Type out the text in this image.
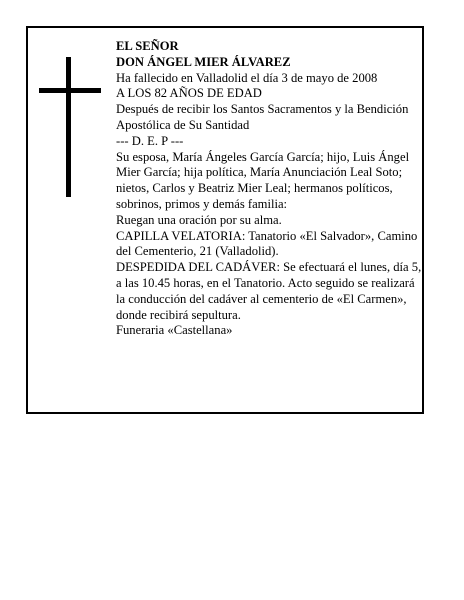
EL SEÑOR

DON ÁNGEL MIER ÁLVAREZ

Ha fallecido en Valladolid el día 3 de mayo de 2008

A LOS 82 AÑOS DE EDAD

Después de recibir los Santos Sacramentos y la Bendición Apostólica de Su Santidad

--- D. E. P ---

Su esposa, María Ángeles García García; hijo, Luis Ángel Mier García; hija política, María Anunciación Leal Soto; nietos, Carlos y Beatriz Mier Leal; hermanos políticos, sobrinos, primos y demás familia:

Ruegan una oración por su alma.

CAPILLA VELATORIA: Tanatorio «El Salvador», Camino del Cementerio, 21 (Valladolid).

DESPEDIDA DEL CADÁVER: Se efectuará el lunes, día 5, a las 10.45 horas, en el Tanatorio. Acto seguido se realizará la conducción del cadáver al cementerio de «El Carmen», donde recibirá sepultura.

Funeraria «Castellana»
